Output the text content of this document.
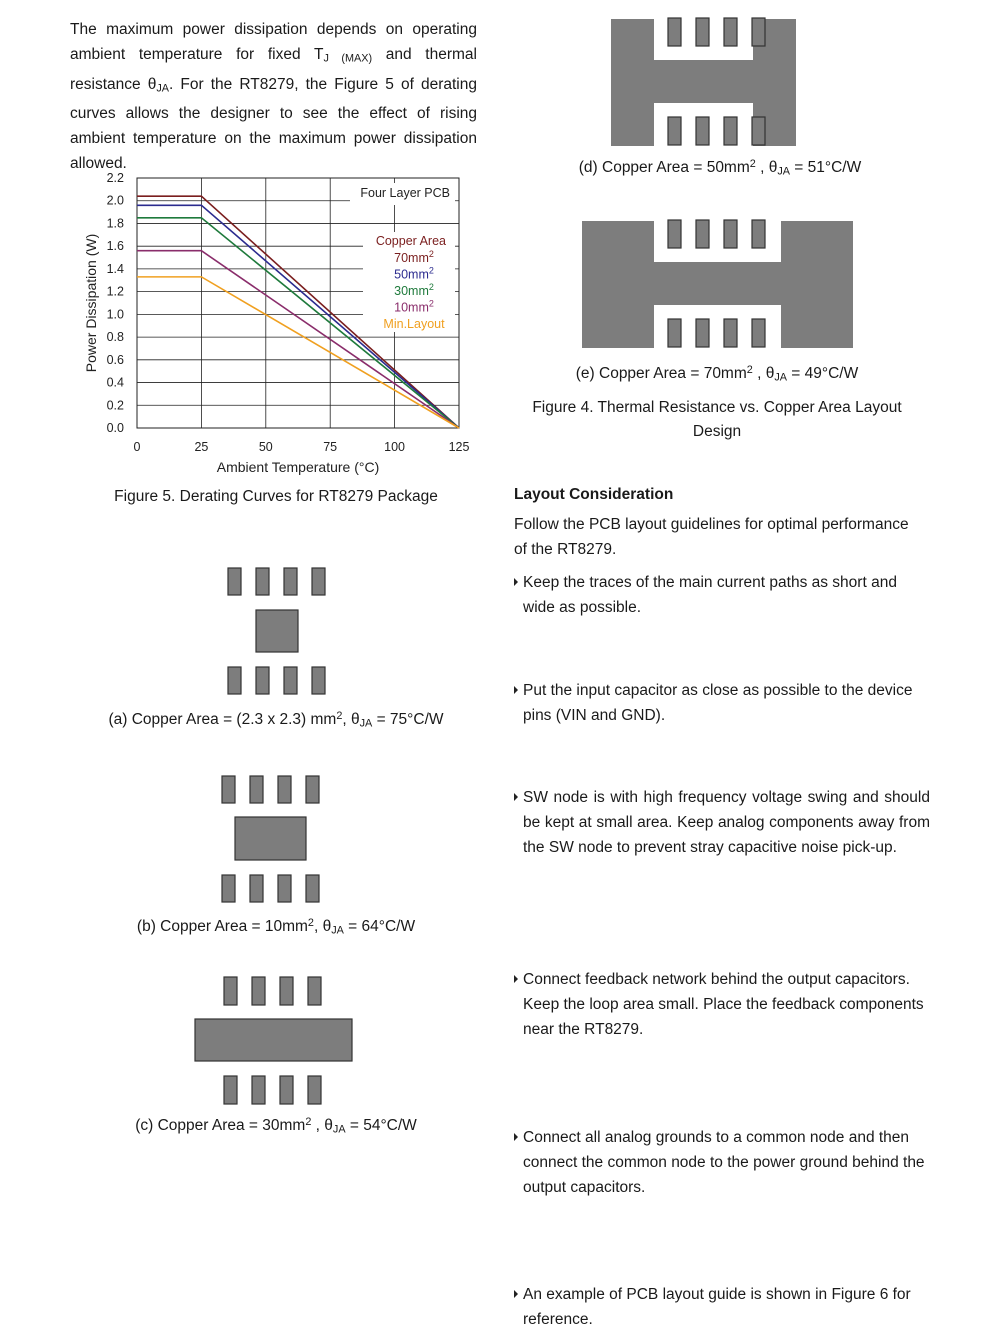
The maximum power dissipation depends on operating ambient temperature for fixed $T_{J (MAX)}$ and thermal resistance $\theta_{JA}$. For the RT8279, the Figure 5 of derating curves allows the designer to see the effect of rising ambient temperature on the maximum power dissipation allowed.
0.0
0.2
0.4
0.6
0.8
1.0
1.2
1.4
1.6
1.8
2.0
2.2
0	25	50	75	100	125
Four Layer PCB
Copper Area
$70mm^2$
$50mm^2$
$30mm^2$
$10mm^2$
Min.Layout
Ambient Temperature (°C)
Power Dissipation (W)
Figure 5. Derating Curves for RT8279 Package
(a) Copper Area = (2.3 x 2.3) $mm^2$, $\theta_{JA} = 75^\circ C/W$
(b) Copper Area = $10mm^2$, $\theta_{JA} = 64^\circ C/W$
(c) Copper Area = $30mm^2$ , $\theta_{JA} = 54^\circ C/W$
(d) Copper Area = $50mm^2$ , $\theta_{JA} = 51^\circ C/W$
(e) Copper Area = $70mm^2$ , $\theta_{JA} = 49^\circ C/W$
Figure 4. Thermal Resistance vs. Copper Area Layout
Design
Layout Consideration
Follow the PCB layout guidelines for optimal performance of the RT8279.
Keep the traces of the main current paths as short and wide as possible.
Put the input capacitor as close as possible to the device pins (VIN and GND).
SW node is with high frequency voltage swing and should be kept at small area. Keep analog components away from the SW node to prevent stray capacitive noise pick-up.
Connect feedback network behind the output capacitors. Keep the loop area small. Place the feedback components near the RT8279.
Connect all analog grounds to a common node and then connect the common node to the power ground behind the output capacitors.
An example of PCB layout guide is shown in Figure 6 for reference.
